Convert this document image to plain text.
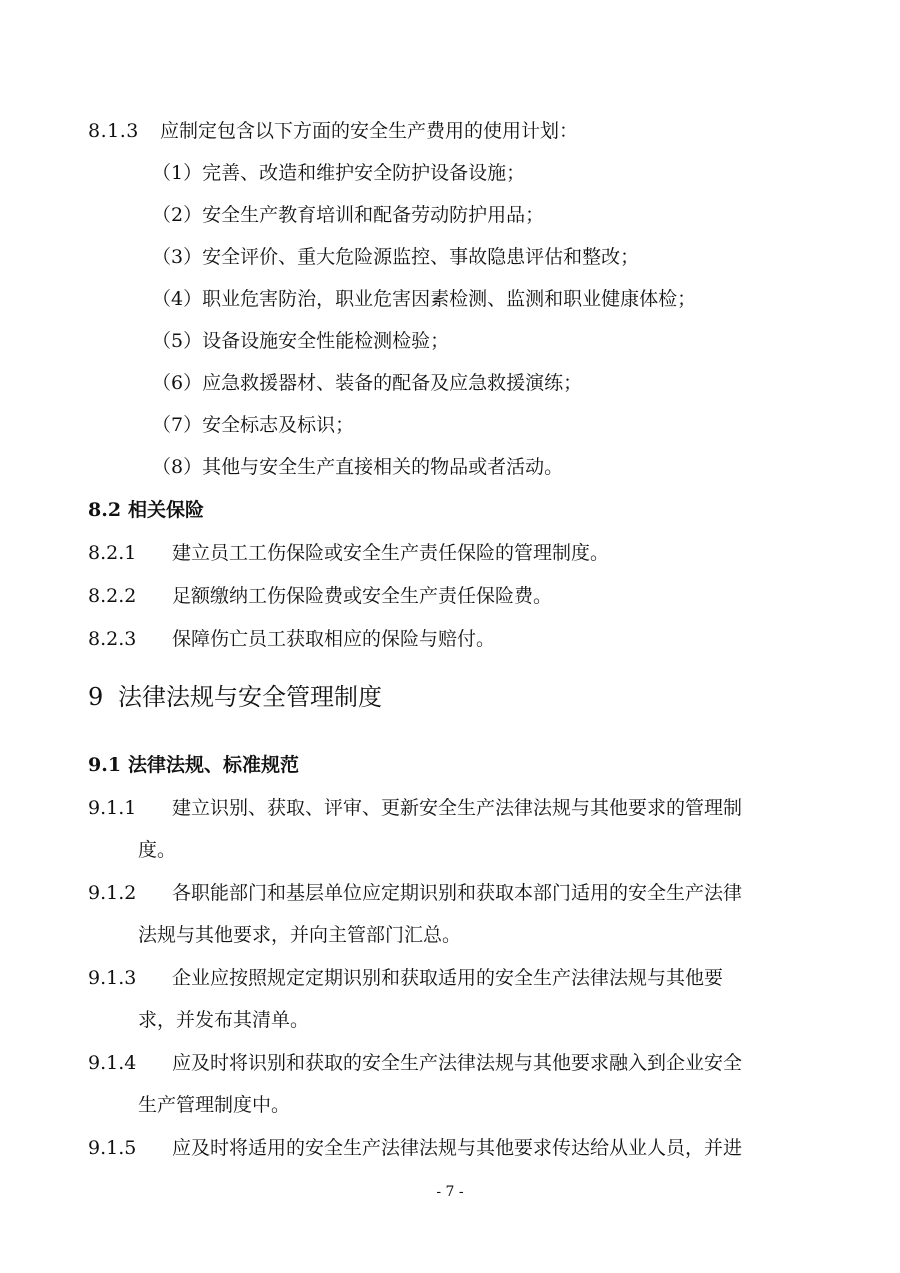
8.1.3 应制定包含以下方面的安全生产费用的使用计划：
（1）完善、改造和维护安全防护设备设施；
（2）安全生产教育培训和配备劳动防护用品；
（3）安全评价、重大危险源监控、事故隐患评估和整改；
（4）职业危害防治，职业危害因素检测、监测和职业健康体检；
（5）设备设施安全性能检测检验；
（6）应急救援器材、装备的配备及应急救援演练；
（7）安全标志及标识；
（8）其他与安全生产直接相关的物品或者活动。
8.2 相关保险
8.2.1 建立员工工伤保险或安全生产责任保险的管理制度。
8.2.2 足额缴纳工伤保险费或安全生产责任保险费。
8.2.3 保障伤亡员工获取相应的保险与赔付。
9 法律法规与安全管理制度
9.1 法律法规、标准规范
9.1.1 建立识别、获取、评审、更新安全生产法律法规与其他要求的管理制
度。
9.1.2 各职能部门和基层单位应定期识别和获取本部门适用的安全生产法律
法规与其他要求，并向主管部门汇总。
9.1.3 企业应按照规定定期识别和获取适用的安全生产法律法规与其他要
求，并发布其清单。
9.1.4 应及时将识别和获取的安全生产法律法规与其他要求融入到企业安全
生产管理制度中。
9.1.5 应及时将适用的安全生产法律法规与其他要求传达给从业人员，并进
- 7 -
